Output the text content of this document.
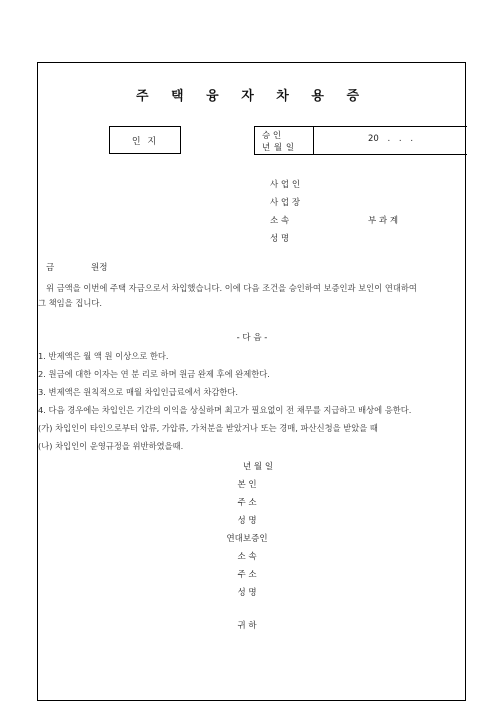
주 택 융 자 차 용 증
인 지
승 인
년 월 일
20 . . .
사 업 인
사 업 장
소 속	부 과 계
성 명
금	원정
위 금액을 이번에 주택 자금으로서 차입했습니다. 이에 다음 조건을 승인하여 보증인과 보인이 연대하여
그 책임을 집니다.
- 다 음 -
1. 반제액은 월 액 원 이상으로 한다.
2. 원금에 대한 이자는 연 분 리로 하며 원금 완제 후에 완제한다.
3. 변제액은 원칙적으로 매월 차입인급료에서 차감한다.
4. 다음 경우에는 차입인은 기간의 이익을 상실하며 최고가 필요없이 전 채무를 지급하고 배상에 응한다.
(가) 차입인이 타인으로부터 압류, 가압류, 가처분을 받았거나 또는 경매, 파산신청을 받았을 때
(나) 차입인이 운영규정을 위반하였을때.
년 월 일
본 인
주 소
성 명
연대보증인
소 속
주 소
성 명
귀 하
